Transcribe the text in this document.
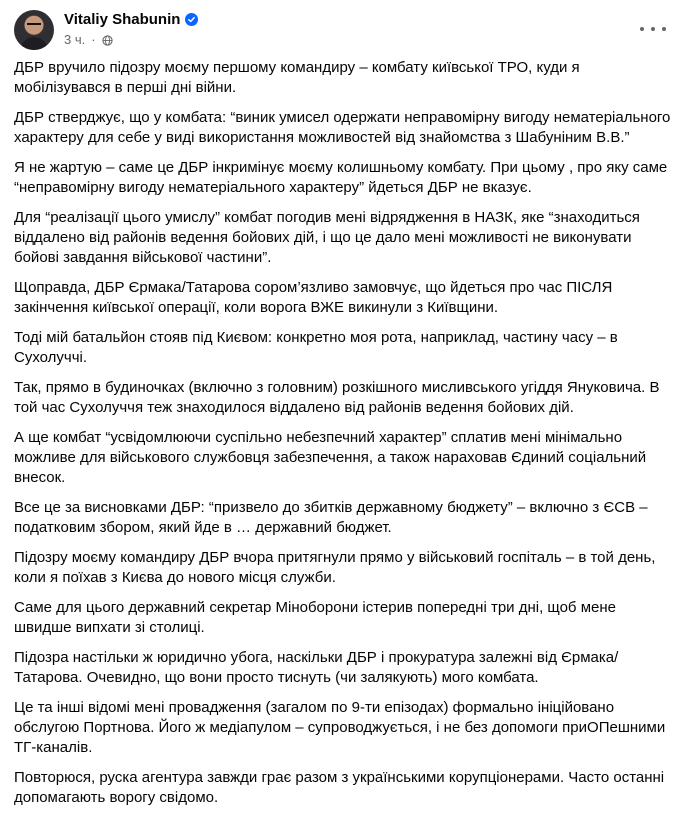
Vitaliy Shabunin
3 ч. ·

ДБР вручило підозру моєму першому командиру – комбату київської ТРО, куди я мобілізувався в перші дні війни.

ДБР стверджує, що у комбата: “виник умисел одержати неправомірну вигоду нематеріального характеру для себе у виді використання можливостей від знайомства з Шабуніним В.В.”

Я не жартую – саме це ДБР інкримінує моєму колишньому комбату. При цьому , про яку саме “неправомірну вигоду нематеріального характеру” йдеться ДБР не вказує.

Для “реалізації цього умислу” комбат погодив мені відрядження в НАЗК, яке “знаходиться віддалено від районів ведення бойових дій, і що це дало мені можливості не виконувати бойові завдання військової частини”.

Щоправда, ДБР Єрмака/Татарова сором’язливо замовчує, що йдеться про час ПІСЛЯ закінчення київської операції, коли ворога ВЖЕ викинули з Київщини.

Тоді мій батальйон стояв під Києвом: конкретно моя рота, наприклад, частину часу – в Сухолуччі.

Так, прямо в будиночках (включно з головним) розкішного мисливського угіддя Януковича. В той час Сухолуччя теж знаходилося віддалено від районів ведення бойових дій.

А ще комбат “усвідомлюючи суспільно небезпечний характер” сплатив мені мінімально можливе для військового службовця забезпечення, а також нараховав Єдиний соціальний внесок.

Все це за висновками ДБР: “призвело до збитків державному бюджету” – включно з ЄСВ – податковим збором, який йде в … державний бюджет.

Підозру моєму командиру ДБР вчора притягнули прямо у військовий госпіталь – в той день, коли я поїхав з Києва до нового місця служби.

Саме для цього державний секретар Міноборони істерив попередні три дні, щоб мене швидше випхати зі столиці.

Підозра настільки ж юридично убога, наскільки ДБР і прокуратура залежні від Єрмака/ Татарова. Очевидно, що вони просто тиснуть (чи залякують) мого комбата.

Це та інші відомі мені провадження (загалом по 9-ти епізодах) формально ініційовано обслугою Портнова. Його ж медіапулом – супроводжується, і не без допомоги приОПешними ТГ-каналів.

Повторюся, руска агентура завжди грає разом з українськими корупціонерами. Часто останні допомагають ворогу свідомо.
